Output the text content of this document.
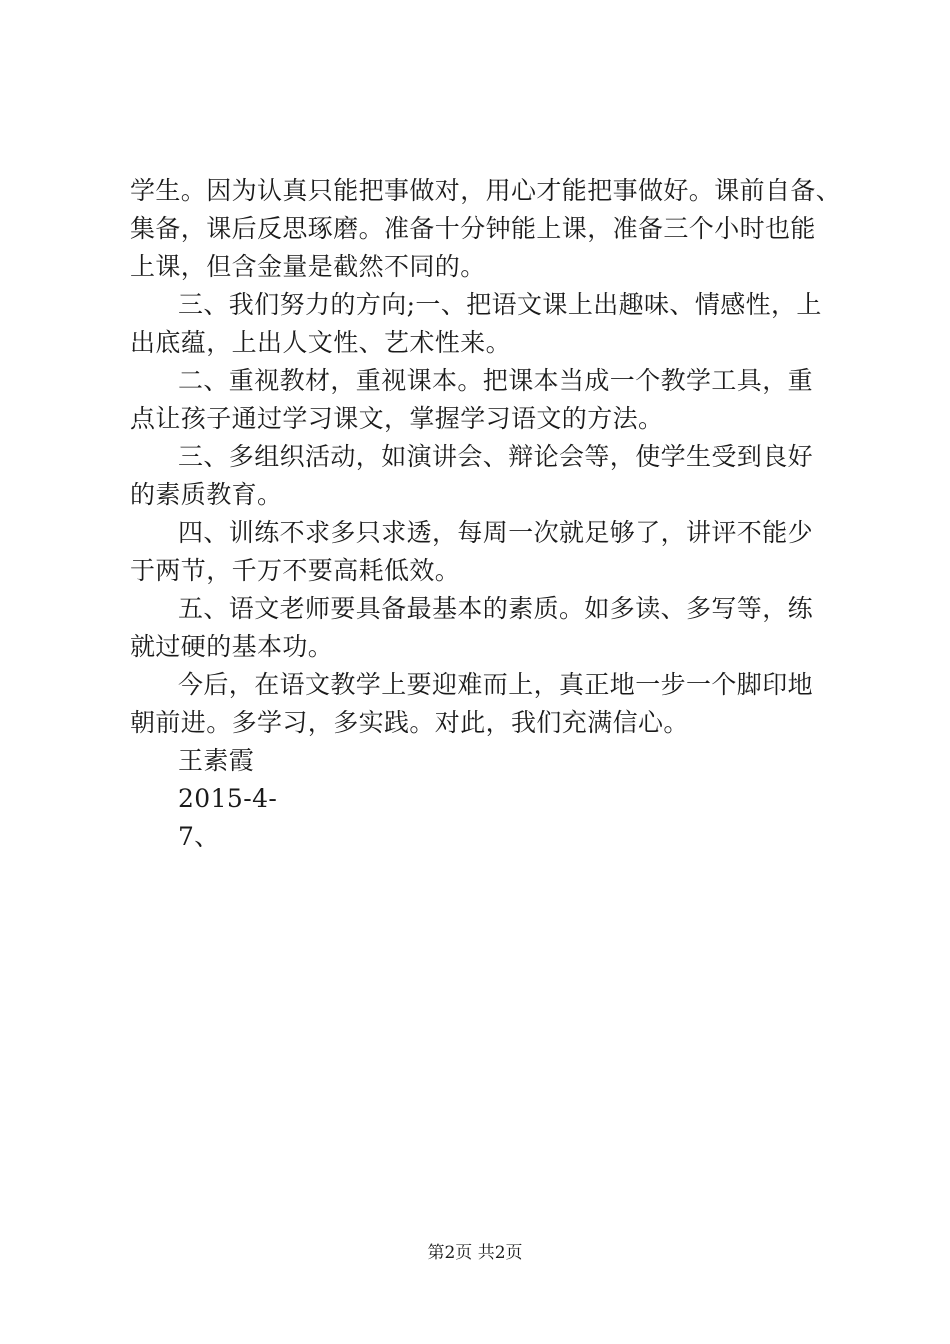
学生。因为认真只能把事做对，用心才能把事做好。课前自备、
集备，课后反思琢磨。准备十分钟能上课，准备三个小时也能
上课，但含金量是截然不同的。
三、我们努力的方向;一、把语文课上出趣味、情感性，上
出底蕴，上出人文性、艺术性来。
二、重视教材，重视课本。把课本当成一个教学工具，重
点让孩子通过学习课文，掌握学习语文的方法。
三、多组织活动，如演讲会、辩论会等，使学生受到良好
的素质教育。
四、训练不求多只求透，每周一次就足够了，讲评不能少
于两节，千万不要高耗低效。
五、语文老师要具备最基本的素质。如多读、多写等，练
就过硬的基本功。
今后，在语文教学上要迎难而上，真正地一步一个脚印地
朝前进。多学习，多实践。对此，我们充满信心。
王素霞
2015-4-
7、
第2页 共2页
